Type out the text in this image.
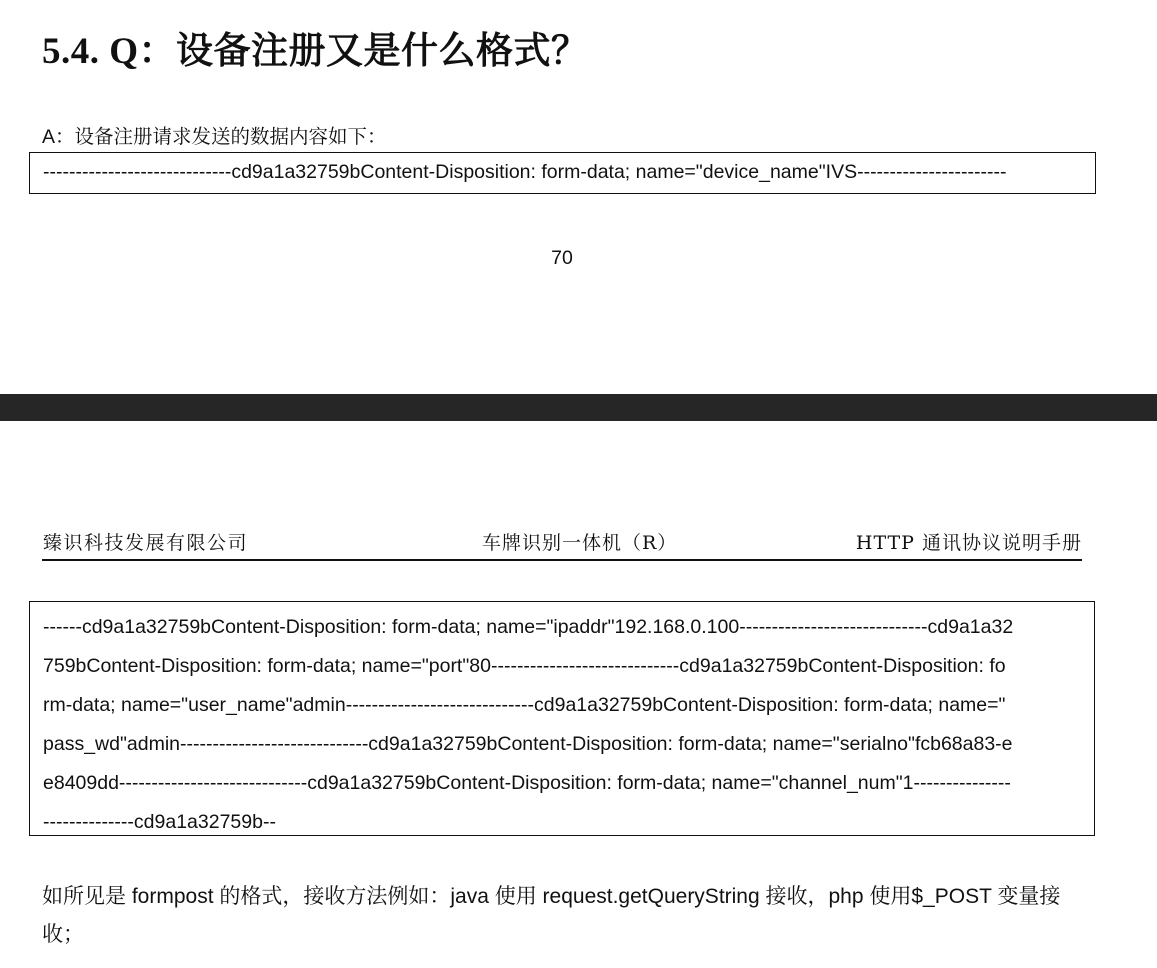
5.4. Q：设备注册又是什么格式？
A：设备注册请求发送的数据内容如下：
-----------------------------cd9a1a32759bContent-Disposition: form-data; name="device_name"IVS-----------------------
70
臻识科技发展有限公司	车牌识别一体机（R）	HTTP 通讯协议说明手册
------cd9a1a32759bContent-Disposition: form-data; name="ipaddr"192.168.0.100-----------------------------cd9a1a32
759bContent-Disposition: form-data; name="port"80-----------------------------cd9a1a32759bContent-Disposition: fo
rm-data; name="user_name"admin-----------------------------cd9a1a32759bContent-Disposition: form-data; name="
pass_wd"admin-----------------------------cd9a1a32759bContent-Disposition: form-data; name="serialno"fcb68a83-e
e8409dd-----------------------------cd9a1a32759bContent-Disposition: form-data; name="channel_num"1---------------
--------------cd9a1a32759b--
如所见是 formpost 的格式，接收方法例如：java 使用 request.getQueryString 接收，php 使用$_POST 变量接收；
